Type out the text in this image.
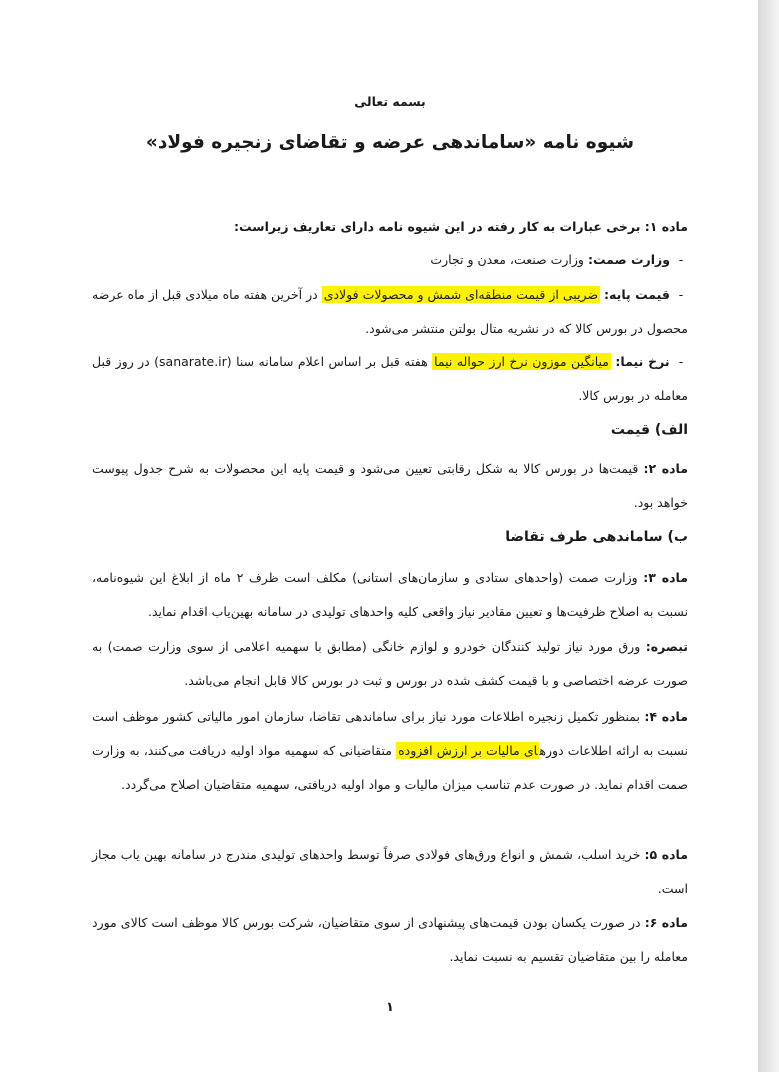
بسمه تعالی
شیوه نامه «ساماندهی عرضه و تقاضای زنجیره فولاد»
ماده ۱: برخی عبارات به کار رفته در این شیوه نامه دارای تعاریف زیراست:
- وزارت صمت: وزارت صنعت، معدن و تجارت
- قیمت پایه: ضریبی از قیمت منطقه‌ای شمش و محصولات فولادی در آخرین هفته ماه میلادی قبل از ماه عرضه محصول در بورس کالا که در نشریه متال بولتن منتشر می‌شود.
- نرخ نیما: میانگین موزون نرخ ارز حواله نیما هفته قبل بر اساس اعلام سامانه سنا (sanarate.ir) در روز قبل معامله در بورس کالا.
الف) قیمت
ماده ۲: قیمت‌ها در بورس کالا به شکل رقابتی تعیین می‌شود و قیمت پایه این محصولات به شرح جدول پیوست خواهد بود.
ب) ساماندهی طرف تقاضا
ماده ۳: وزارت صمت (واحدهای ستادی و سازمان‌های استانی) مکلف است ظرف ۲ ماه از ابلاغ این شیوه‌نامه، نسبت به اصلاح ظرفیت‌ها و تعیین مقادیر نیاز واقعی کلیه واحدهای تولیدی در سامانه بهین‌یاب اقدام نماید.
تبصره: ورق مورد نیاز تولید کنندگان خودرو و لوازم خانگی (مطابق با سهمیه اعلامی از سوی وزارت صمت) به صورت عرضه اختصاصی و با قیمت کشف شده در بورس و ثبت در بورس کالا قابل انجام می‌باشد.
ماده ۴: بمنظور تکمیل زنجیره اطلاعات مورد نیاز برای ساماندهی تقاضا، سازمان امور مالیاتی کشور موظف است نسبت به ارائه اطلاعات دورهای مالیات بر ارزش افزوده متقاضیانی که سهمیه مواد اولیه دریافت می‌کنند، به وزارت صمت اقدام نماید. در صورت عدم تناسب میزان مالیات و مواد اولیه دریافتی، سهمیه متقاضیان اصلاح می‌گردد.
ماده ۵: خرید اسلب، شمش و انواع ورق‌های فولادی صرفاً توسط واحدهای تولیدی مندرج در سامانه بهین یاب مجاز است.
ماده ۶: در صورت یکسان بودن قیمت‌های پیشنهادی از سوی متقاضیان، شرکت بورس کالا موظف است کالای مورد معامله را بین متقاضیان تقسیم به نسبت نماید.
۱
